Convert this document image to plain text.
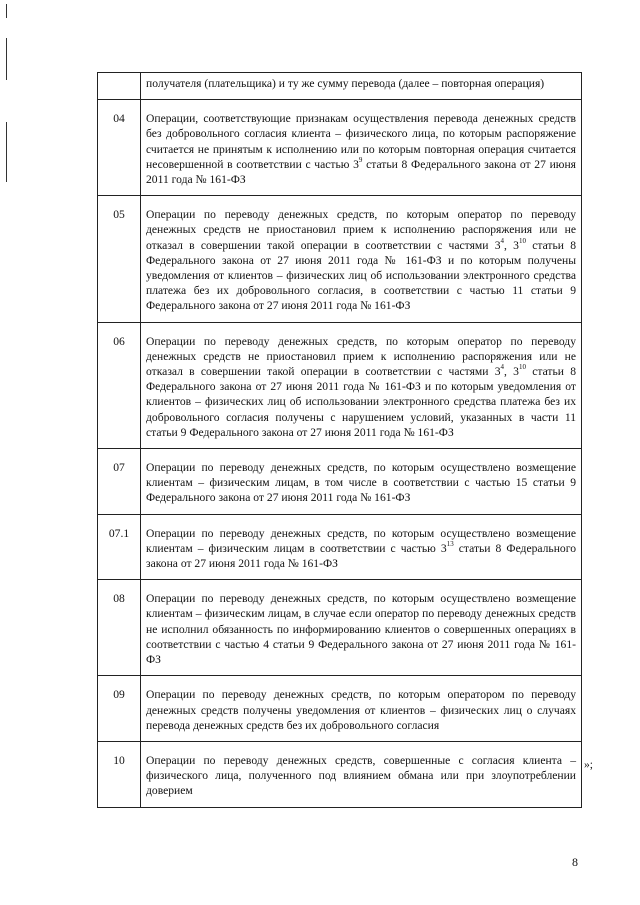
	получателя (плательщика) и ту же сумму перевода (далее – повторная операция)

04	Операции, соответствующие признакам осуществления перевода денежных средств без добровольного согласия клиента – физического лица, по которым распоряжение считается не принятым к исполнению или по которым повторная операция считается несовершенной в соответствии с частью $3^9$ статьи 8 Федерального закона от 27 июня 2011 года № 161-ФЗ

05	Операции по переводу денежных средств, по которым оператор по переводу денежных средств не приостановил прием к исполнению распоряжения или не отказал в совершении такой операции в соответствии с частями $3^4$, $3^{10}$ статьи 8 Федерального закона от 27 июня 2011 года № 161-ФЗ и по которым получены уведомления от клиентов – физических лиц об использовании электронного средства платежа без их добровольного согласия, в соответствии с частью 11 статьи 9 Федерального закона от 27 июня 2011 года № 161-ФЗ

06	Операции по переводу денежных средств, по которым оператор по переводу денежных средств не приостановил прием к исполнению распоряжения или не отказал в совершении такой операции в соответствии с частями $3^4$, $3^{10}$ статьи 8 Федерального закона от 27 июня 2011 года № 161-ФЗ и по которым уведомления от клиентов – физических лиц об использовании электронного средства платежа без их добровольного согласия получены с нарушением условий, указанных в части 11 статьи 9 Федерального закона от 27 июня 2011 года № 161-ФЗ

07	Операции по переводу денежных средств, по которым осуществлено возмещение клиентам – физическим лицам, в том числе в соответствии с частью 15 статьи 9 Федерального закона от 27 июня 2011 года № 161-ФЗ

07.1	Операции по переводу денежных средств, по которым осуществлено возмещение клиентам – физическим лицам в соответствии с частью $3^{13}$ статьи 8 Федерального закона от 27 июня 2011 года № 161-ФЗ

08	Операции по переводу денежных средств, по которым осуществлено возмещение клиентам – физическим лицам, в случае если оператор по переводу денежных средств не исполнил обязанность по информированию клиентов о совершенных операциях в соответствии с частью 4 статьи 9 Федерального закона от 27 июня 2011 года № 161-ФЗ

09	Операции по переводу денежных средств, по которым оператором по переводу денежных средств получены уведомления от клиентов – физических лиц о случаях перевода денежных средств без их добровольного согласия

10	Операции по переводу денежных средств, совершенные с согласия клиента – физического лица, полученного под влиянием обмана или при злоупотреблении доверием

»;
8
